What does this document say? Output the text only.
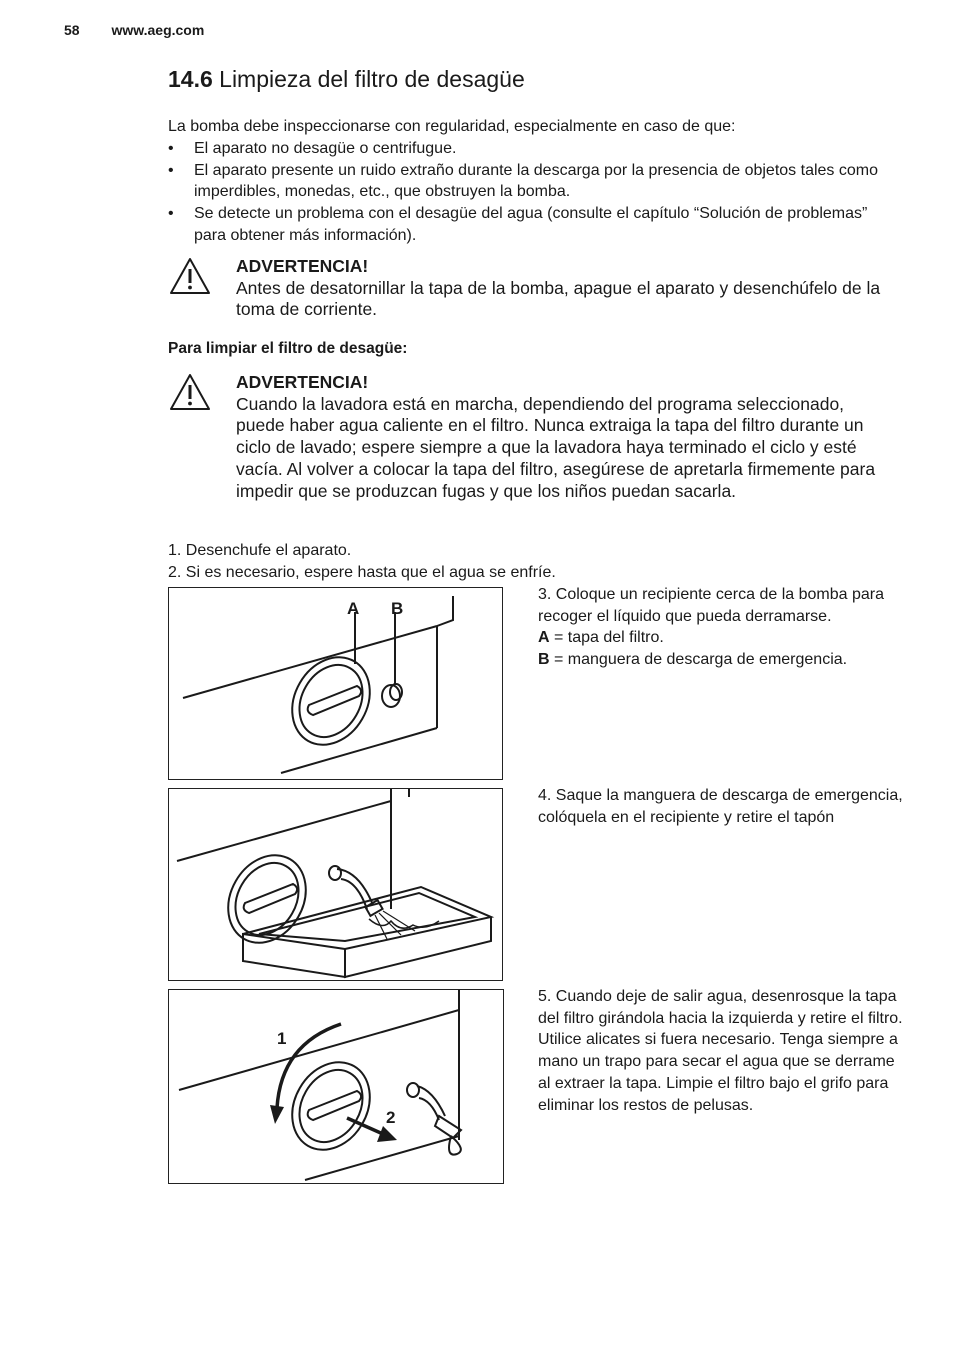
58 www.aeg.com
14.6 Limpieza del filtro de desagüe
La bomba debe inspeccionarse con regularidad, especialmente en caso de que:
• El aparato no desagüe o centrifugue.
• El aparato presente un ruido extraño durante la descarga por la presencia de objetos tales como imperdibles, monedas, etc., que obstruyen la bomba.
• Se detecte un problema con el desagüe del agua (consulte el capítulo “Solución de problemas” para obtener más información).
ADVERTENCIA!
Antes de desatornillar la tapa de la bomba, apague el aparato y desenchúfelo de la toma de corriente.
Para limpiar el filtro de desagüe:
ADVERTENCIA!
Cuando la lavadora está en marcha, dependiendo del programa seleccionado, puede haber agua caliente en el filtro. Nunca extraiga la tapa del filtro durante un ciclo de lavado; espere siempre a que la lavadora haya terminado el ciclo y esté vacía. Al volver a colocar la tapa del filtro, asegúrese de apretarla firmemente para impedir que se produzcan fugas y que los niños puedan sacarla.
1. Desenchufe el aparato.
2. Si es necesario, espere hasta que el agua se enfríe.
A B
3. Coloque un recipiente cerca de la bomba para recoger el líquido que pueda derramarse.
A = tapa del filtro.
B = manguera de descarga de emergencia.
4. Saque la manguera de descarga de emergencia, colóquela en el recipiente y retire el tapón
1
2
5. Cuando deje de salir agua, desenrosque la tapa del filtro girándola hacia la izquierda y retire el filtro. Utilice alicates si fuera necesario. Tenga siempre a mano un trapo para secar el agua que se derrame al extraer la tapa. Limpie el filtro bajo el grifo para eliminar los restos de pelusas.
